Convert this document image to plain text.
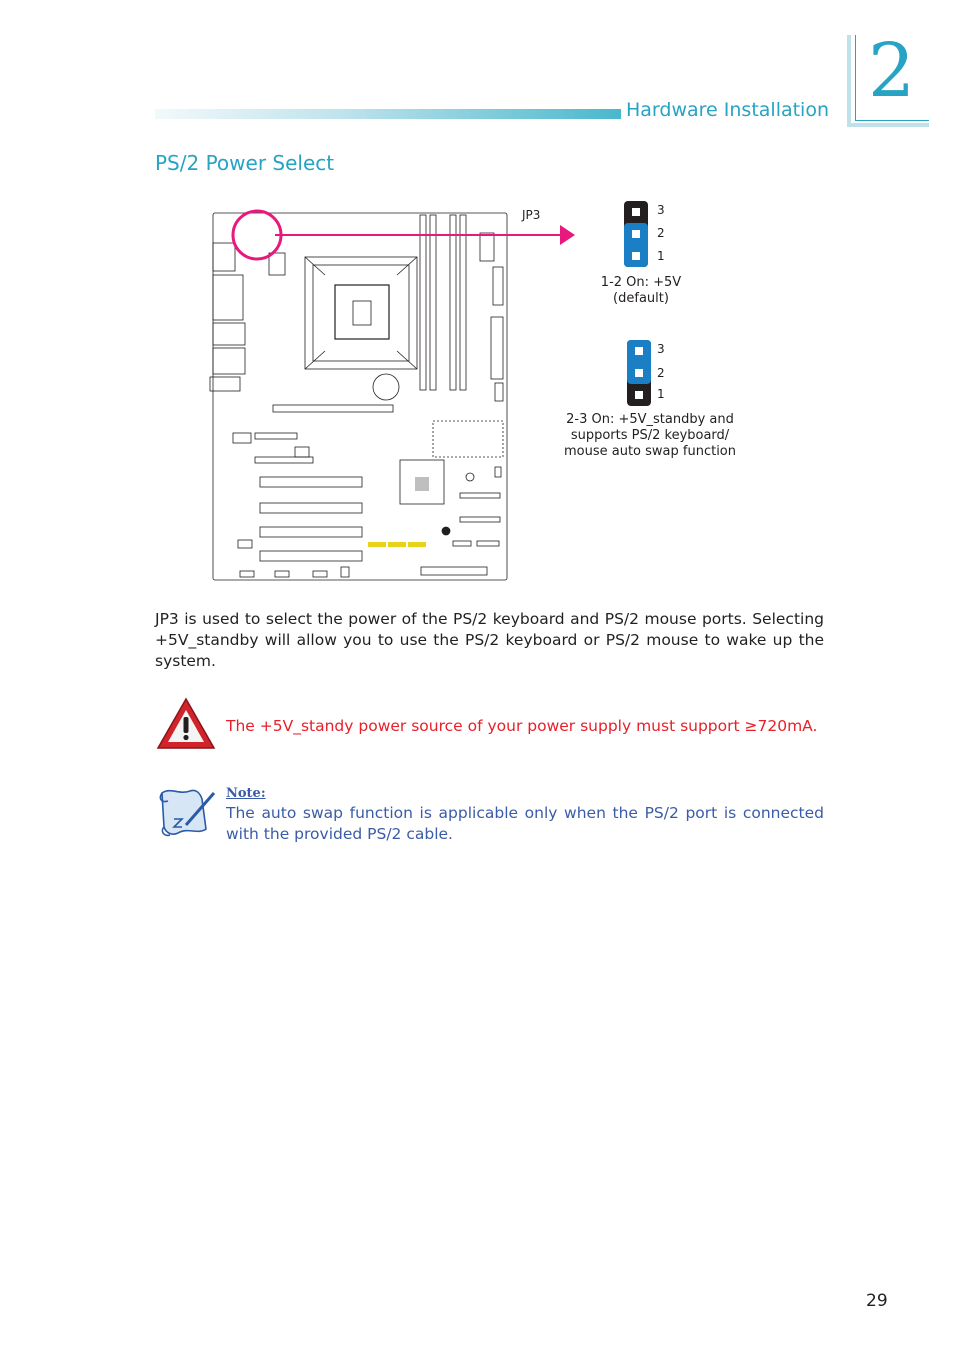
Hardware Installation 2
PS/2 Power Select
JP3	3
2
1
1-2 On: +5V
(default)
3
2
1
2-3 On: +5V_standby and
supports PS/2 keyboard/
mouse auto swap function
JP3 is used to select the power of the PS/2 keyboard and PS/2 mouse ports. Selecting +5V_standby will allow you to use the PS/2 keyboard or PS/2 mouse to wake up the system.
The +5V_standy power source of your power supply must support ≥720mA.
Note:
The auto swap function is applicable only when the PS/2 port is connected with the provided PS/2 cable.
29
